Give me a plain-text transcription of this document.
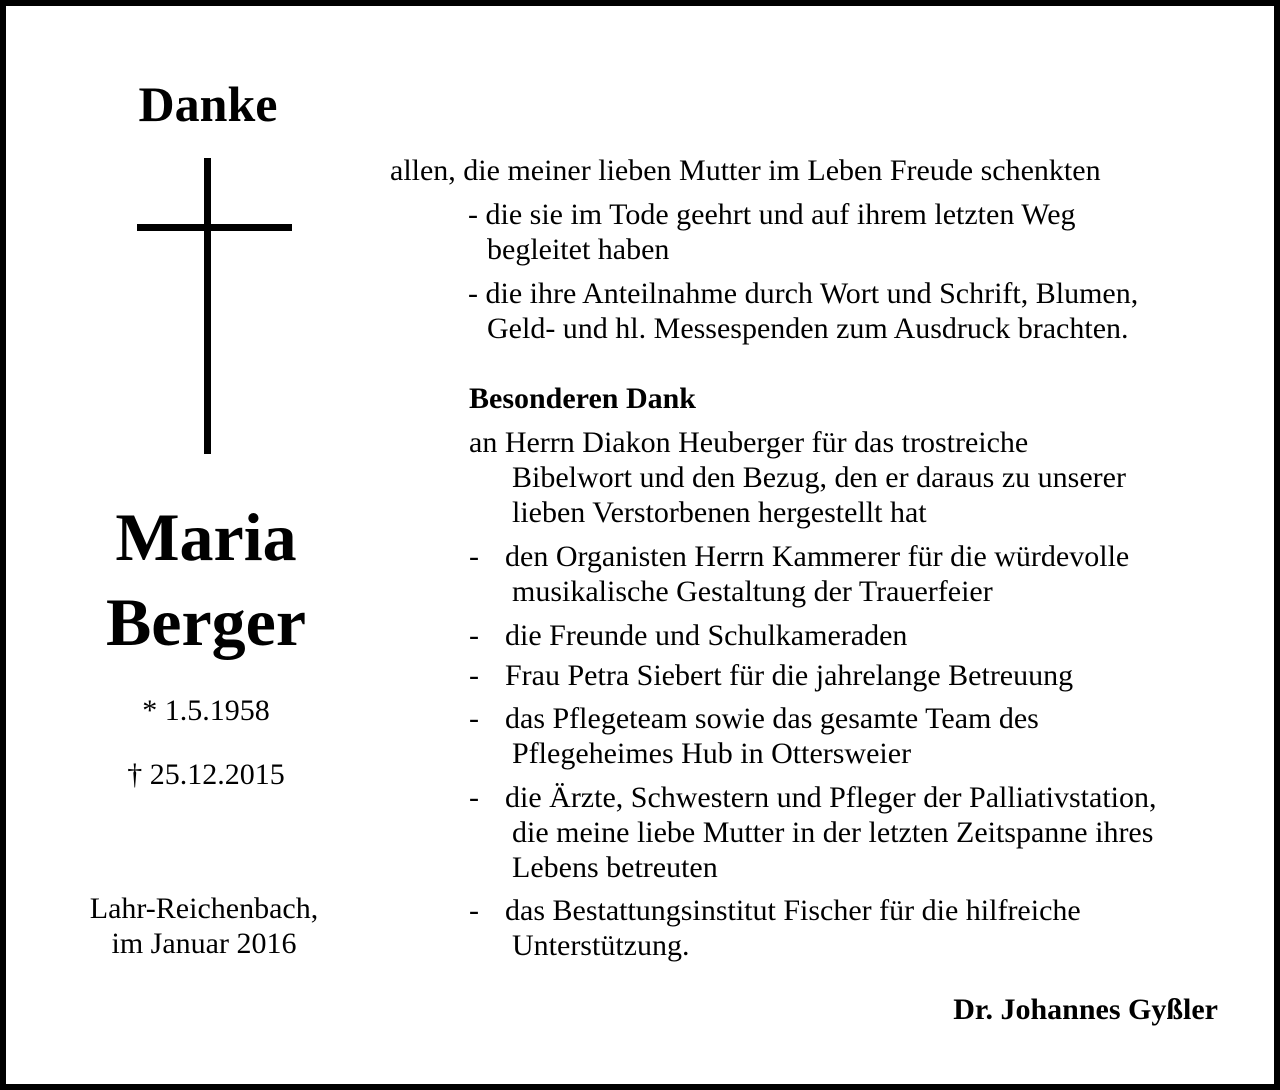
Danke
Maria
Berger
* 1.5.1958
† 25.12.2015
Lahr-Reichenbach,
im Januar 2016
allen, die meiner lieben Mutter im Leben Freude schenkten
- die sie im Tode geehrt und auf ihrem letzten Weg
begleitet haben
- die ihre Anteilnahme durch Wort und Schrift, Blumen,
Geld- und hl. Messespenden zum Ausdruck brachten.
Besonderen Dank
an Herrn Diakon Heuberger für das trostreiche
Bibelwort und den Bezug, den er daraus zu unserer
lieben Verstorbenen hergestellt hat
- den Organisten Herrn Kammerer für die würdevolle
musikalische Gestaltung der Trauerfeier
- die Freunde und Schulkameraden
- Frau Petra Siebert für die jahrelange Betreuung
- das Pflegeteam sowie das gesamte Team des
Pflegeheimes Hub in Ottersweier
- die Ärzte, Schwestern und Pfleger der Palliativstation,
die meine liebe Mutter in der letzten Zeitspanne ihres
Lebens betreuten
- das Bestattungsinstitut Fischer für die hilfreiche
Unterstützung.
Dr. Johannes Gyßler
